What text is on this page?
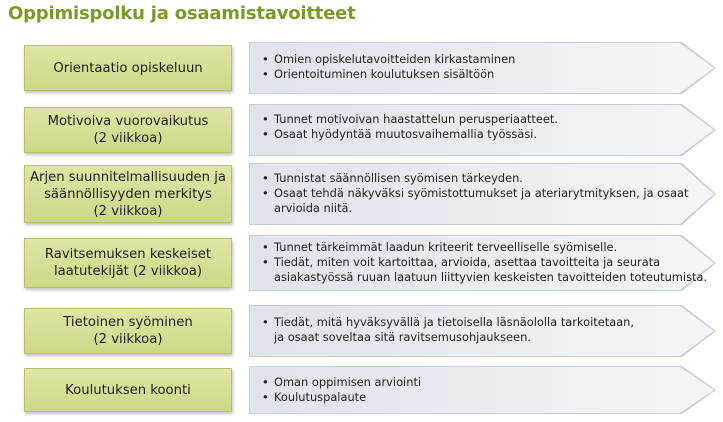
Oppimispolku ja osaamistavoitteet
Orientaatio opiskeluun
• Omien opiskelutavoitteiden kirkastaminen
• Orientoituminen koulutuksen sisältöön
Motivoiva vuorovaikutus
(2 viikkoa)
• Tunnet motivoivan haastattelun perusperiaatteet.
• Osaat hyödyntää muutosvaihemallia työssäsi.
Arjen suunnitelmallisuuden ja
säännöllisyyden merkitys
(2 viikkoa)
• Tunnistat säännöllisen syömisen tärkeyden.
• Osaat tehdä näkyväksi syömistottumukset ja ateriarytmityksen, ja osaat
arvioida niitä.
Ravitsemuksen keskeiset
laatutekijät (2 viikkoa)
• Tunnet tärkeimmät laadun kriteerit terveelliselle syömiselle.
• Tiedät, miten voit kartoittaa, arvioida, asettaa tavoitteita ja seurata
asiakastyössä ruuan laatuun liittyvien keskeisten tavoitteiden toteutumista.
Tietoinen syöminen
(2 viikkoa)
• Tiedät, mitä hyväksyvällä ja tietoisella läsnäololla tarkoitetaan,
ja osaat soveltaa sitä ravitsemusohjaukseen.
Koulutuksen koonti
• Oman oppimisen arviointi
• Koulutuspalaute
